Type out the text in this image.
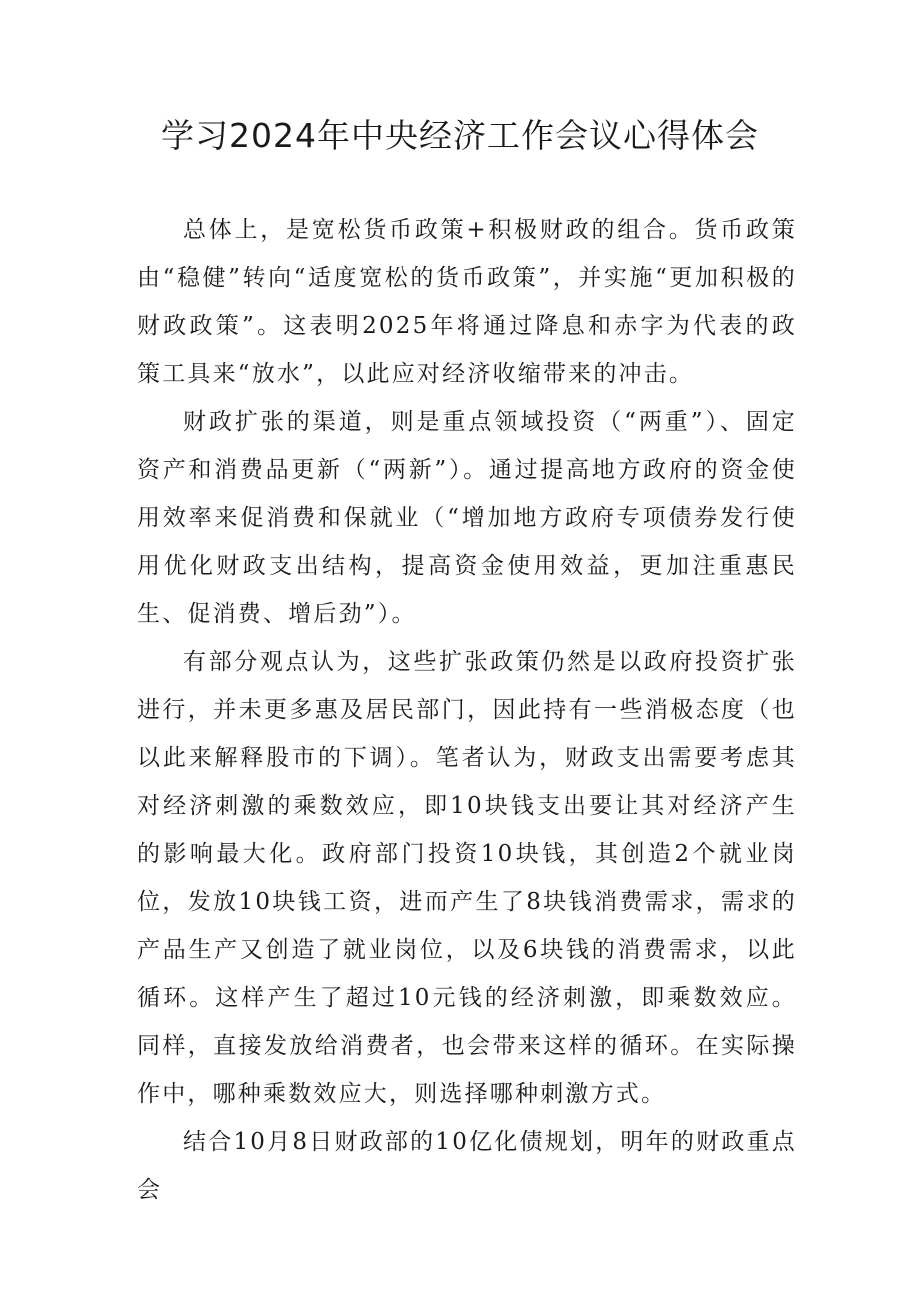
学习2024年中央经济工作会议心得体会

总体上，是宽松货币政策+积极财政的组合。货币政策由“稳健”转向“适度宽松的货币政策”，并实施“更加积极的财政政策”。这表明2025年将通过降息和赤字为代表的政策工具来“放水”，以此应对经济收缩带来的冲击。

财政扩张的渠道，则是重点领域投资（“两重”）、固定资产和消费品更新（“两新”）。通过提高地方政府的资金使用效率来促消费和保就业（“增加地方政府专项债券发行使用优化财政支出结构，提高资金使用效益，更加注重惠民生、促消费、增后劲”）。

有部分观点认为，这些扩张政策仍然是以政府投资扩张进行，并未更多惠及居民部门，因此持有一些消极态度（也以此来解释股市的下调）。笔者认为，财政支出需要考虑其对经济刺激的乘数效应，即10块钱支出要让其对经济产生的影响最大化。政府部门投资10块钱，其创造2个就业岗位，发放10块钱工资，进而产生了8块钱消费需求，需求的产品生产又创造了就业岗位，以及6块钱的消费需求，以此循环。这样产生了超过10元钱的经济刺激，即乘数效应。同样，直接发放给消费者，也会带来这样的循环。在实际操作中，哪种乘数效应大，则选择哪种刺激方式。

结合10月8日财政部的10亿化债规划，明年的财政重点会
